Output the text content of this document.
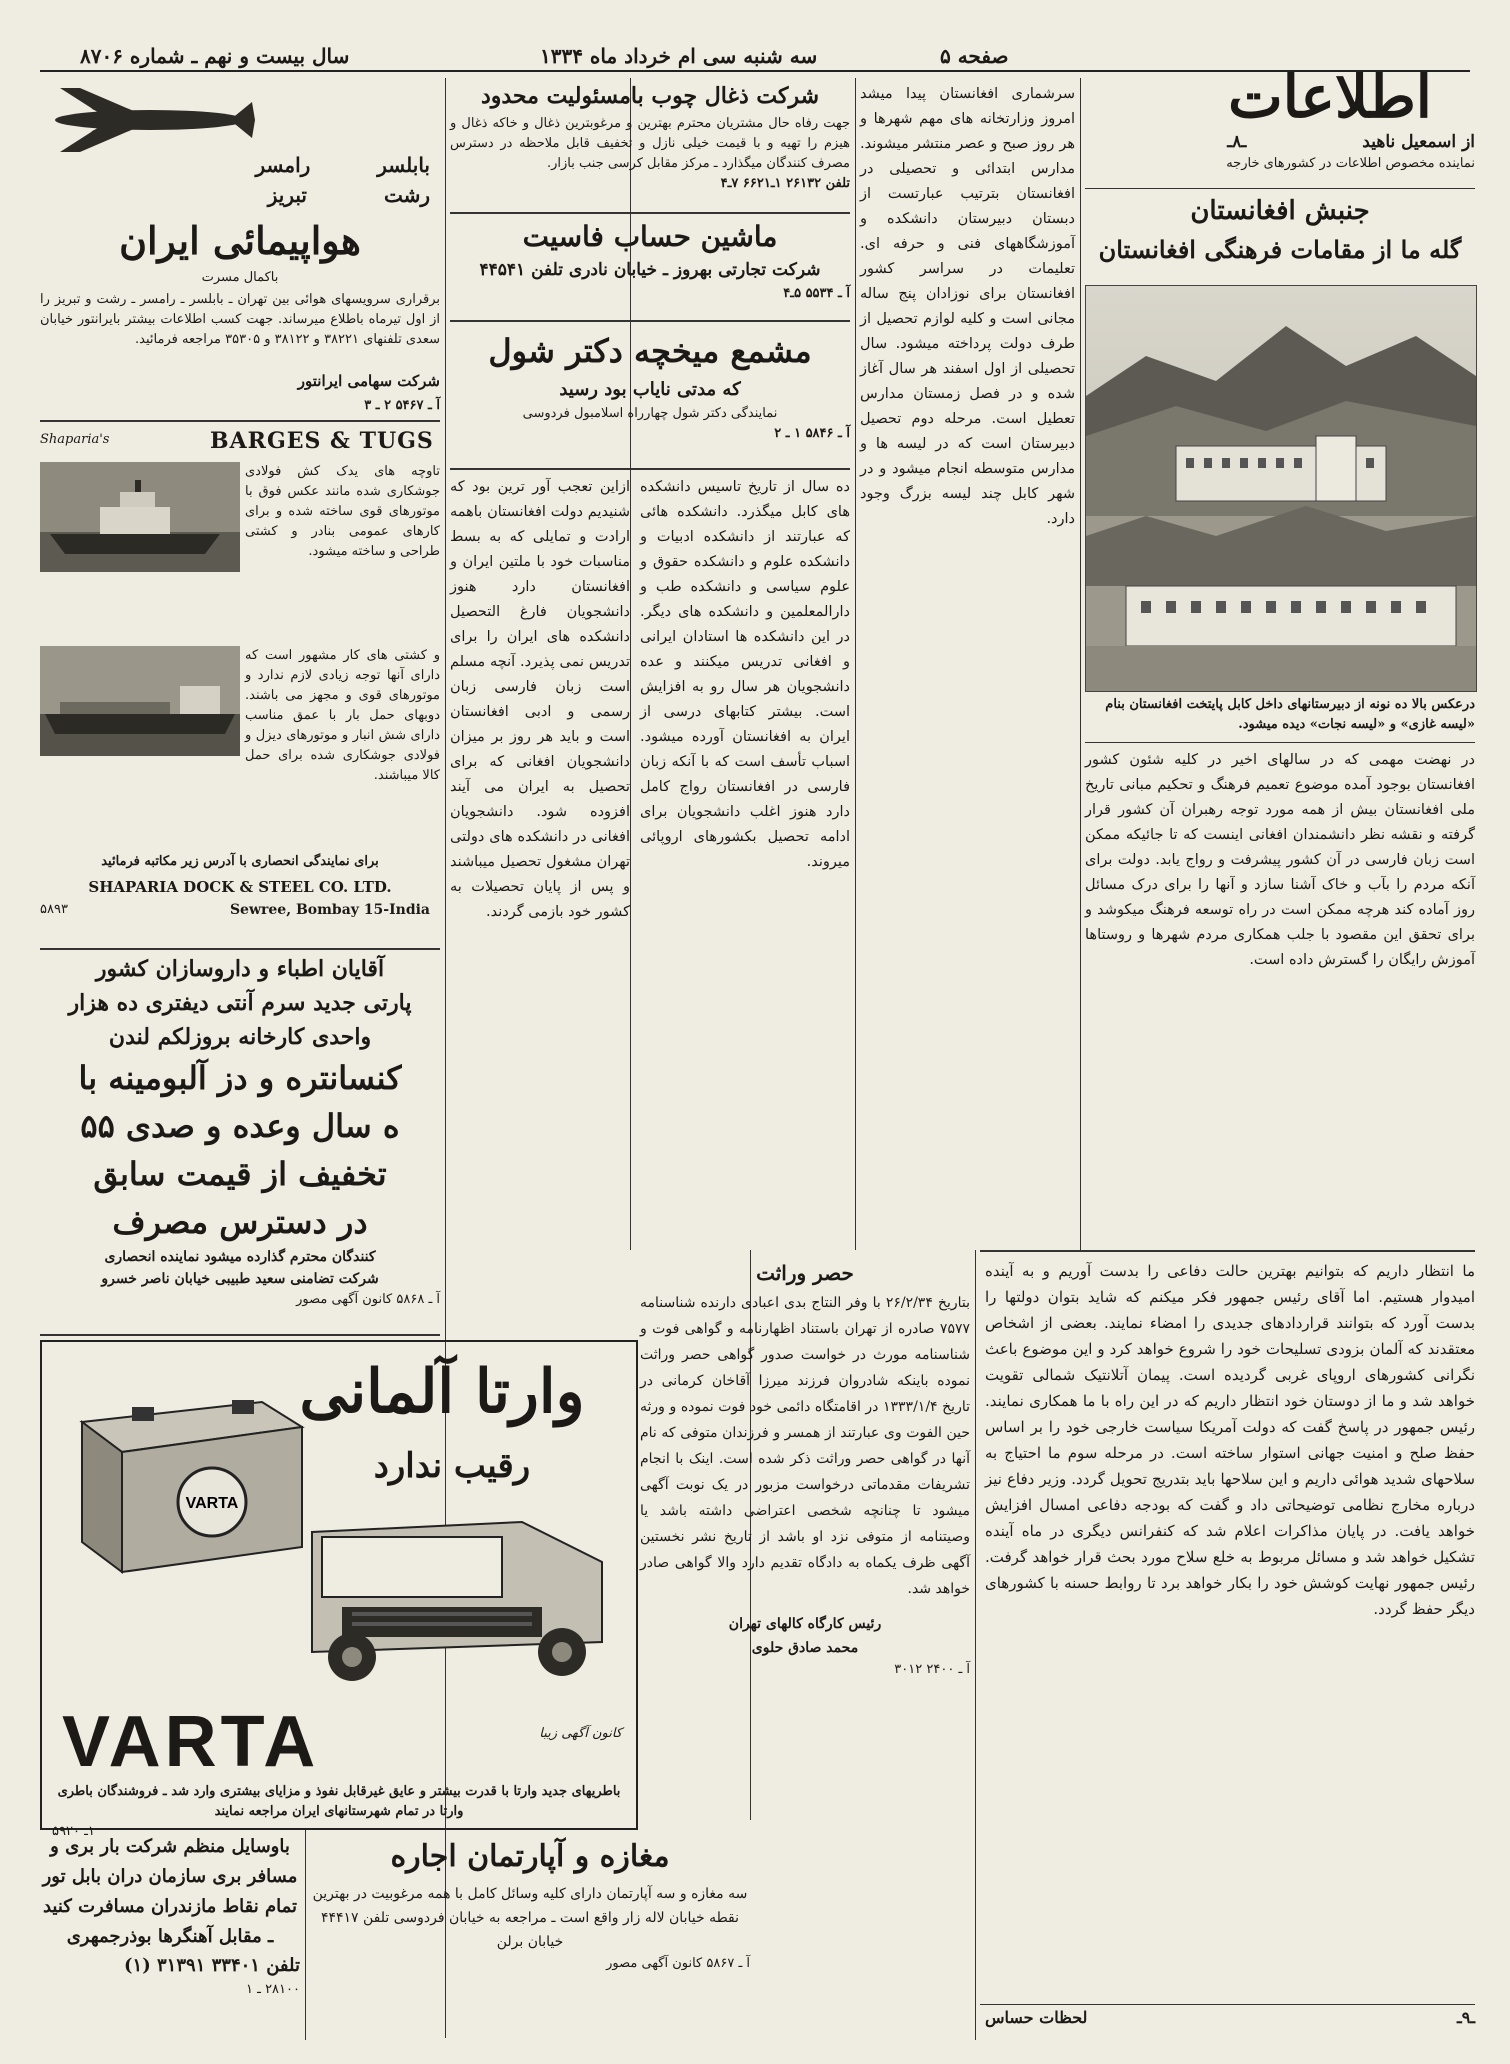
سال بیست و نهم ـ شماره ۸۷۰۶	سه شنبه سی ام خرداد ماه ۱۳۳۴	صفحه ۵
اطلاعات
از اسمعیل ناهید ـ۸ـ
نماینده مخصوص اطلاعات در کشورهای خارجه
جنبش افغانستان
گله ما از مقامات فرهنگی افغانستان
درعکس بالا ده نونه از دبیرستانهای داخل کابل پایتخت افغانستان بنام «لیسه غازی» و «لیسه نجات» دیده میشود.

در نهضت مهمی که در سالهای اخیر در کلیه شئون کشور افغانستان بوجود آمده موضوع تعمیم فرهنگ و تحکیم مبانی تاریخ ملی افغانستان بیش از همه مورد توجه رهبران آن کشور قرار گرفته و نقشه نظر دانشمندان افغانی اینست که تا جائیکه ممکن است زبان فارسی در آن کشور پیشرفت و رواج یابد. دولت برای آنکه مردم را بآب و خاک آشنا سازد و آنها را برای درک مسائل روز آماده کند هرچه ممکن است در راه توسعه فرهنگ میکوشد و برای تحقق این مقصود با جلب همکاری مردم شهرها و روستاها آموزش رایگان را گسترش داده است.

سرشماری افغانستان پیدا میشد امروز وزارتخانه های مهم شهرها و هر روز صبح و عصر منتشر میشوند. مدارس ابتدائی و تحصیلی در افغانستان بترتیب عبارتست از دبستان دبیرستان دانشکده و آموزشگاههای فنی و حرفه ای. تعلیمات در سراسر کشور افغانستان برای نوزادان پنج ساله مجانی است و کلیه لوازم تحصیل از طرف دولت پرداخته میشود. سال تحصیلی از اول اسفند هر سال آغاز شده و در فصل زمستان مدارس تعطیل است. مرحله دوم تحصیل دبیرستان است که در لیسه ها و مدارس متوسطه انجام میشود و در شهر کابل چند لیسه بزرگ وجود دارد.

ده سال از تاریخ تاسیس دانشکده های کابل میگذرد. دانشکده هائی که عبارتند از دانشکده ادبیات و دانشکده علوم و دانشکده حقوق و علوم سیاسی و دانشکده طب و دارالمعلمین و دانشکده های دیگر. در این دانشکده ها استادان ایرانی و افغانی تدریس میکنند و عده دانشجویان هر سال رو به افزایش است. بیشتر کتابهای درسی از ایران به افغانستان آورده میشود. اسباب تأسف است که با آنکه زبان فارسی در افغانستان رواج کامل دارد هنوز اغلب دانشجویان برای ادامه تحصیل بکشورهای اروپائی میروند.

ازاین تعجب آور ترین بود که شنیدیم دولت افغانستان باهمه ارادت و تمایلی که به بسط مناسبات خود با ملتین ایران و افغانستان دارد هنوز دانشجویان فارغ التحصیل دانشکده های ایران را برای تدریس نمی پذیرد. آنچه مسلم است زبان فارسی زبان رسمی و ادبی افغانستان است و باید هر روز بر میزان دانشجویان افغانی که برای تحصیل به ایران می آیند افزوده شود. دانشجویان افغانی در دانشکده های دولتی تهران مشغول تحصیل میباشند و پس از پایان تحصیلات به کشور خود بازمی گردند.

شرکت ذغال چوب بامسئولیت محدود

جهت رفاه حال مشتریان محترم بهترین و مرغوبترین ذغال و خاکه ذغال و هیزم را تهیه و با قیمت خیلی نازل و تخفیف قابل ملاحظه در دسترس مصرف کنندگان میگذارد ـ مرکز مقابل کرسی جنب بازار.

تلفن ۲۶۱۳۲ ۱ـ۶۶۲۱ ۷ـ۴
ماشین حساب فاسیت
شرکت تجارتی بهروز ـ خیابان نادری تلفن ۴۴۵۴۱
آ ـ ۵۵۳۴ ۵ـ۴
مشمع میخچه دکتر شول
که مدتی نایاب بود رسید
نمایندگی دکتر شول چهارراه اسلامبول فردوسی
آ ـ ۵۸۴۶ ۱ ـ ۲
بابلسر رامسر
رشت تبریز
هواپیمائی ایران
باکمال مسرت

برقراری سرویسهای هوائی بین تهران ـ بابلسر ـ رامسر ـ رشت و تبریز را از اول تیرماه باطلاع میرساند. جهت کسب اطلاعات بیشتر بایرانتور خیابان سعدی تلفنهای ۳۸۲۲۱ و ۳۸۱۲۲ و ۳۵۳۰۵ مراجعه فرمائید.

شرکت سهامی ایرانتور
آ ـ ۵۴۶۷ ۲ ـ ۳
Shaparia's	BARGES & TUGS

تاوچه های یدک کش فولادی جوشکاری شده مانند عکس فوق با موتورهای قوی ساخته شده و برای کارهای عمومی بنادر و کشتی طراحی و ساخته میشود.

و کشتی های کار مشهور است که دارای آنها توجه زیادی لازم ندارد و موتورهای قوی و مجهز می باشند. دوبهای حمل بار با عمق مناسب دارای شش انبار و موتورهای دیزل و فولادی جوشکاری شده برای حمل کالا میباشند.

برای نمایندگی انحصاری با آدرس زیر مکاتبه فرمائید
SHAPARIA DOCK & STEEL CO. LTD.
۵۸۹۳	Sewree, Bombay 15-India
آقایان اطباء و داروسازان کشور
پارتی جدید سرم آنتی دیفتری ده هزار
واحدی کارخانه بروزلکم لندن
کنسانتره و دز آلبومینه با
ه سال وعده و صدی ۵۵
تخفیف از قیمت سابق
در دسترس مصرف
کنندگان محترم گذارده میشود نماینده انحصاری
شرکت تضامنی سعید طبیبی خیابان ناصر خسرو
آ ـ ۵۸۶۸ کانون آگهی مصور
وارتا آلمانی
رقیب ندارد
VARTA
VARTA	کانون آگهی زیبا
باطریهای جدید وارتا با قدرت بیشتر و عایق غیرقابل نفوذ و مزایای بیشتری وارد شد ـ فروشندگان باطری وارتا در تمام شهرستانهای ایران مراجعه نمایند
۱ـ ۵۹۲۰

باوسایل منظم شرکت بار بری و مسافر بری سازمان دران بابل تور تمام نقاط مازندران مسافرت کنید ـ مقابل آهنگرها بوذرجمهری

تلفن ۳۳۴۰۱ ۳۱۳۹۱ (۱)
۲۸۱۰۰ ـ ۱
مغازه و آپارتمان اجاره

سه مغازه و سه آپارتمان دارای کلیه وسائل کامل با همه مرغوبیت در بهترین نقطه خیابان لاله زار واقع است ـ مراجعه به خیابان فردوسی تلفن ۴۴۴۱۷ خیابان برلن

آ ـ ۵۸۶۷ کانون آگهی مصور
حصر وراثت

بتاریخ ۲۶/۲/۳۴ با وفر النتاج بدی اعبادی دارنده شناسنامه ۷۵۷۷ صادره از تهران باستناد اظهارنامه و گواهی فوت و شناسنامه مورث در خواست صدور گواهی حصر وراثت نموده باینکه شادروان فرزند میرزا آقاخان کرمانی در تاریخ ۱۳۳۳/۱/۴ در اقامتگاه دائمی خود فوت نموده و ورثه حین الفوت وی عبارتند از همسر و فرزندان متوفی که نام آنها در گواهی حصر وراثت ذکر شده است. اینک با انجام تشریفات مقدماتی درخواست مزبور در یک نوبت آگهی میشود تا چنانچه شخصی اعتراضی داشته باشد یا وصیتنامه از متوفی نزد او باشد از تاریخ نشر نخستین آگهی ظرف یکماه به دادگاه تقدیم دارد والا گواهی صادر خواهد شد.

رئیس کارگاه کالهای تهران
محمد صادق حلوی
آ ـ ۲۴۰۰ ۳۰۱۲

ما انتظار داریم که بتوانیم بهترین حالت دفاعی را بدست آوریم و به آینده امیدوار هستیم. اما آقای رئیس جمهور فکر میکنم که شاید بتوان دولتها را بدست آورد که بتوانند قراردادهای جدیدی را امضاء نمایند. بعضی از اشخاص معتقدند که آلمان بزودی تسلیحات خود را شروع خواهد کرد و این موضوع باعث نگرانی کشورهای اروپای غربی گردیده است. پیمان آتلانتیک شمالی تقویت خواهد شد و ما از دوستان خود انتظار داریم که در این راه با ما همکاری نمایند. رئیس جمهور در پاسخ گفت که دولت آمریکا سیاست خارجی خود را بر اساس حفظ صلح و امنیت جهانی استوار ساخته است. در مرحله سوم ما احتیاج به سلاحهای شدید هوائی داریم و این سلاحها باید بتدریج تحویل گردد. وزیر دفاع نیز درباره مخارج نظامی توضیحاتی داد و گفت که بودجه دفاعی امسال افزایش خواهد یافت. در پایان مذاکرات اعلام شد که کنفرانس دیگری در ماه آینده تشکیل خواهد شد و مسائل مربوط به خلع سلاح مورد بحث قرار خواهد گرفت. رئیس جمهور نهایت کوشش خود را بکار خواهد برد تا روابط حسنه با کشورهای دیگر حفظ گردد.

ـ۹ـ
لحظات حساس
